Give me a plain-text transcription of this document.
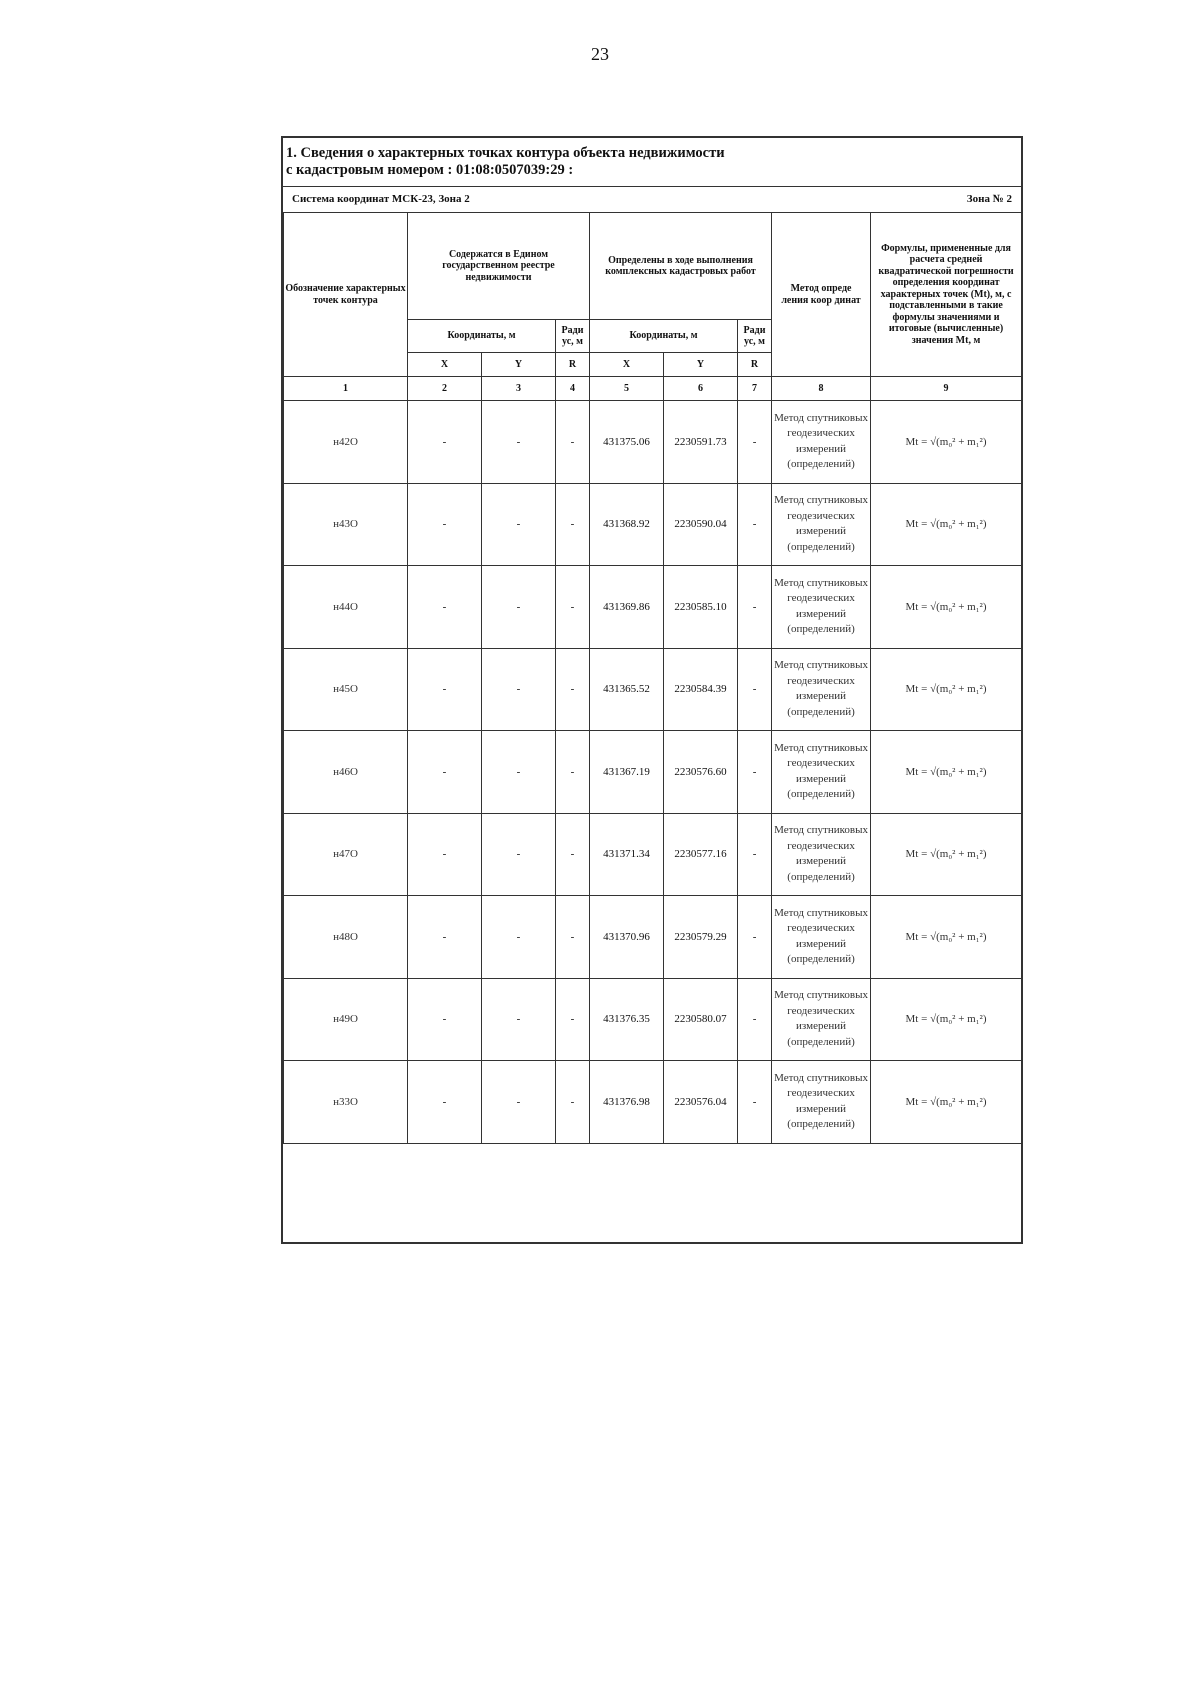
23
1. Сведения о характерных точках контура объекта недвижимости
с кадастровым номером : 01:08:0507039:29 :
Система координат МСК-23, Зона 2	Зона № 2
Обозначение характерных точек контура	Содержатся в Едином государственном реестре недвижимости			Определены в ходе выполнения комплексных кадастровых работ			Метод опреде ления коор динат	Формулы, примененные для расчета средней квадратической погрешности определения координат характерных точек (Mt), м, с подставленными в такие формулы значениями и итоговые (вычисленные) значения Mt, м
	Координаты, м		Ради ус, м	Координаты, м		Ради ус, м		
	X	Y	R	X	Y	R		
1	2	3	4	5	6	7	8	9
н42О	-	-	-	431375.06	2230591.73	-	Метод спутниковых геодезических измерений (определений)	Mt = √(m₀² + m₁²)
н43О	-	-	-	431368.92	2230590.04	-	Метод спутниковых геодезических измерений (определений)	Mt = √(m₀² + m₁²)
н44О	-	-	-	431369.86	2230585.10	-	Метод спутниковых геодезических измерений (определений)	Mt = √(m₀² + m₁²)
н45О	-	-	-	431365.52	2230584.39	-	Метод спутниковых геодезических измерений (определений)	Mt = √(m₀² + m₁²)
н46О	-	-	-	431367.19	2230576.60	-	Метод спутниковых геодезических измерений (определений)	Mt = √(m₀² + m₁²)
н47О	-	-	-	431371.34	2230577.16	-	Метод спутниковых геодезических измерений (определений)	Mt = √(m₀² + m₁²)
н48О	-	-	-	431370.96	2230579.29	-	Метод спутниковых геодезических измерений (определений)	Mt = √(m₀² + m₁²)
н49О	-	-	-	431376.35	2230580.07	-	Метод спутниковых геодезических измерений (определений)	Mt = √(m₀² + m₁²)
н33О	-	-	-	431376.98	2230576.04	-	Метод спутниковых геодезических измерений (определений)	Mt = √(m₀² + m₁²)
